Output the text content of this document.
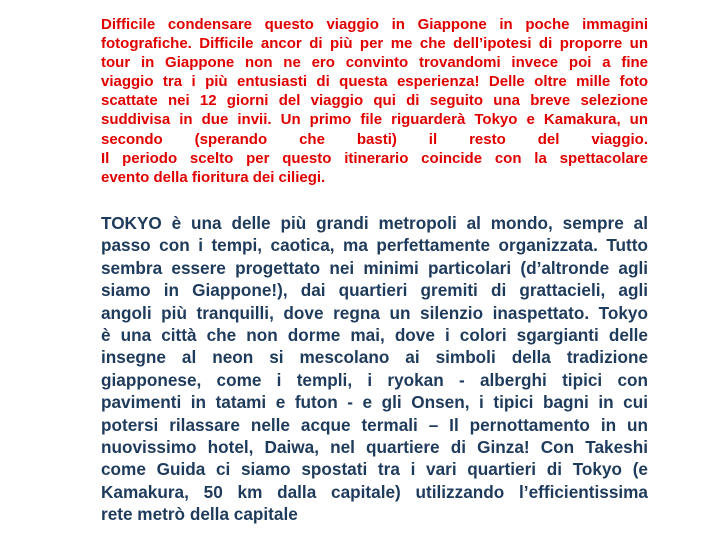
Difficile condensare questo viaggio in Giappone in poche immagini
fotografiche. Difficile ancor di più per me che dell’ipotesi di proporre un
tour in Giappone non ne ero convinto trovandomi invece poi a fine
viaggio tra i più entusiasti di questa esperienza! Delle oltre mille foto
scattate nei 12 giorni del viaggio qui di seguito una breve selezione
suddivisa in due invii. Un primo file riguarderà Tokyo e Kamakura, un
secondo (sperando che basti) il resto del viaggio.
Il periodo scelto per questo itinerario coincide con la spettacolare
evento della fioritura dei ciliegi.

TOKYO è una delle più grandi metropoli al mondo, sempre al
passo con i tempi, caotica, ma perfettamente organizzata. Tutto
sembra essere progettato nei minimi particolari (d’altronde agli
siamo in Giappone!), dai quartieri gremiti di grattacieli, agli
angoli più tranquilli, dove regna un silenzio inaspettato. Tokyo
è una città che non dorme mai, dove i colori sgargianti delle
insegne al neon si mescolano ai simboli della tradizione
giapponese, come i templi, i ryokan - alberghi tipici con
pavimenti in tatami e futon - e gli Onsen, i tipici bagni in cui
potersi rilassare nelle acque termali – Il pernottamento in un
nuovissimo hotel, Daiwa, nel quartiere di Ginza! Con Takeshi
come Guida ci siamo spostati tra i vari quartieri di Tokyo (e
Kamakura, 50 km dalla capitale) utilizzando l’efficientissima
rete metrò della capitale
